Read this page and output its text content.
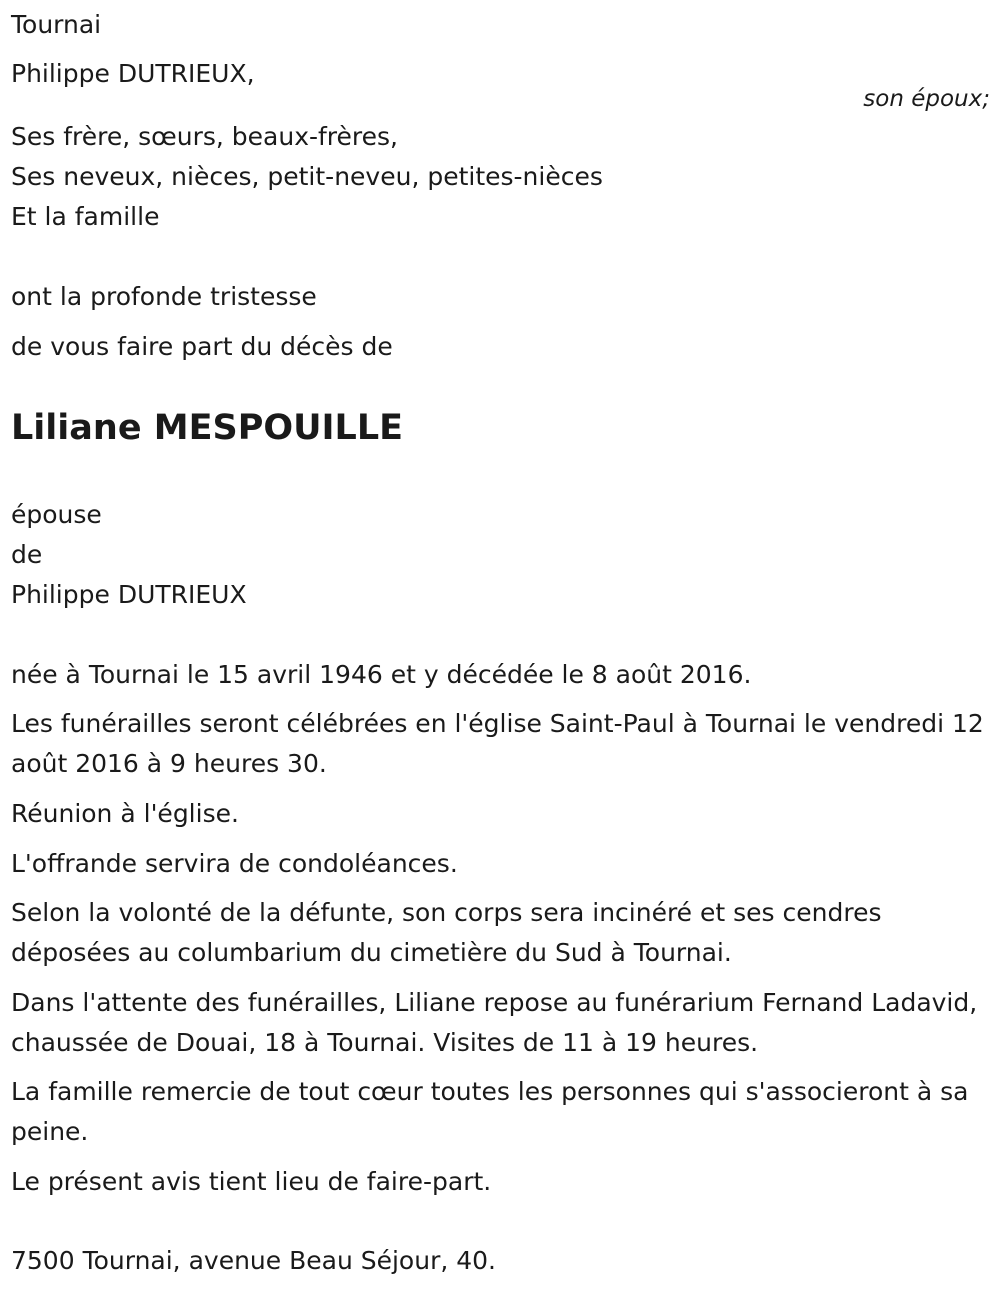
Tournai
Philippe DUTRIEUX,
son époux;
Ses frère, sœurs, beaux-frères,
Ses neveux, nièces, petit-neveu, petites-nièces
Et la famille
ont la profonde tristesse
de vous faire part du décès de
Liliane MESPOUILLE
épouse
de
Philippe DUTRIEUX
née à Tournai le 15 avril 1946 et y décédée le 8 août 2016.
Les funérailles seront célébrées en l'église Saint-Paul à Tournai le vendredi 12 août 2016 à 9 heures 30.
Réunion à l'église.
L'offrande servira de condoléances.
Selon la volonté de la défunte, son corps sera incinéré et ses cendres déposées au columbarium du cimetière du Sud à Tournai.
Dans l'attente des funérailles, Liliane repose au funérarium Fernand Ladavid, chaussée de Douai, 18 à Tournai. Visites de 11 à 19 heures.
La famille remercie de tout cœur toutes les personnes qui s'associeront à sa peine.
Le présent avis tient lieu de faire-part.
7500 Tournai, avenue Beau Séjour, 40.
